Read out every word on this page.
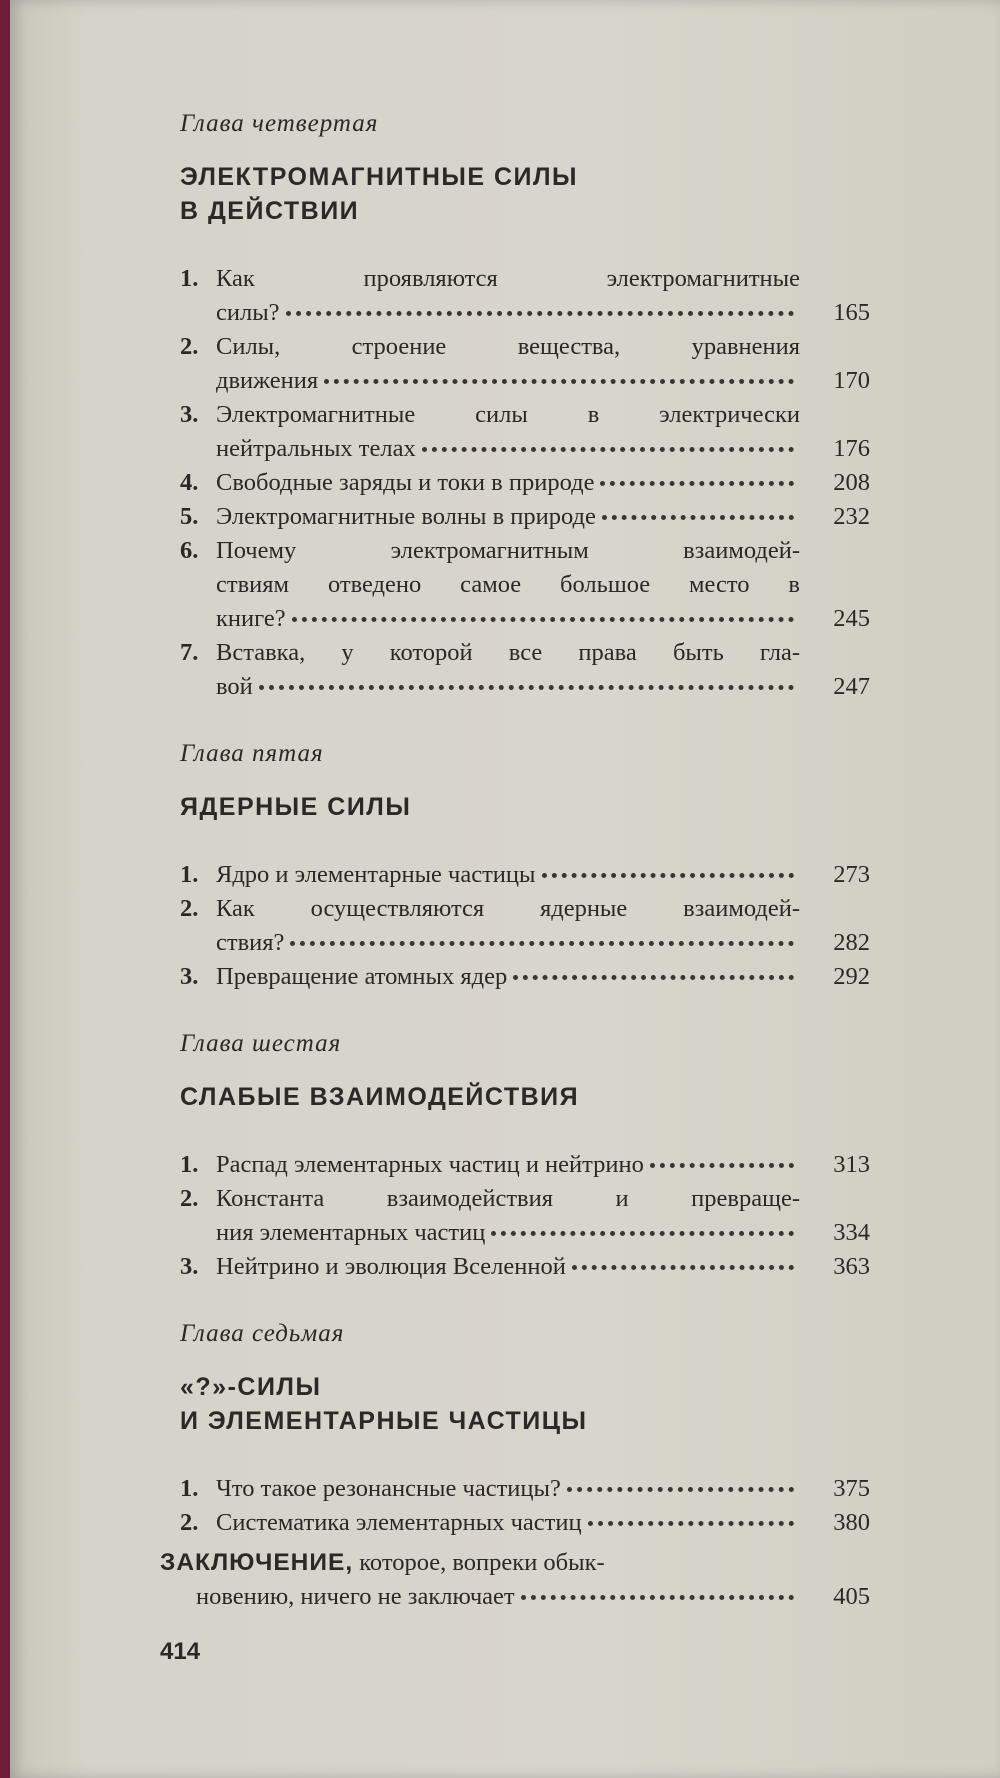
Глава четвертая
ЭЛЕКТРОМАГНИТНЫЕ СИЛЫ
В ДЕЙСТВИИ
1. Как проявляются электромагнитные
силы?	165
2. Силы, строение вещества, уравнения
движения	170
3. Электромагнитные силы в электрически
нейтральных телах	176
4. Свободные заряды и токи в природе	208
5. Электромагнитные волны в природе	232
6. Почему электромагнитным взаимодей-
ствиям отведено самое большое место в
книге?	245
7. Вставка, у которой все права быть гла-
вой	247
Глава пятая
ЯДЕРНЫЕ СИЛЫ
1. Ядро и элементарные частицы	273
2. Как осуществляются ядерные взаимодей-
ствия?	282
3. Превращение атомных ядер	292
Глава шестая
СЛАБЫЕ ВЗАИМОДЕЙСТВИЯ
1. Распад элементарных частиц и нейтрино	313
2. Константа взаимодействия и превраще-
ния элементарных частиц	334
3. Нейтрино и эволюция Вселенной	363
Глава седьмая
«?»-СИЛЫ
И ЭЛЕМЕНТАРНЫЕ ЧАСТИЦЫ
1. Что такое резонансные частицы?	375
2. Систематика элементарных частиц	380
ЗАКЛЮЧЕНИЕ, которое, вопреки обык-
новению, ничего не заключает	405
414
